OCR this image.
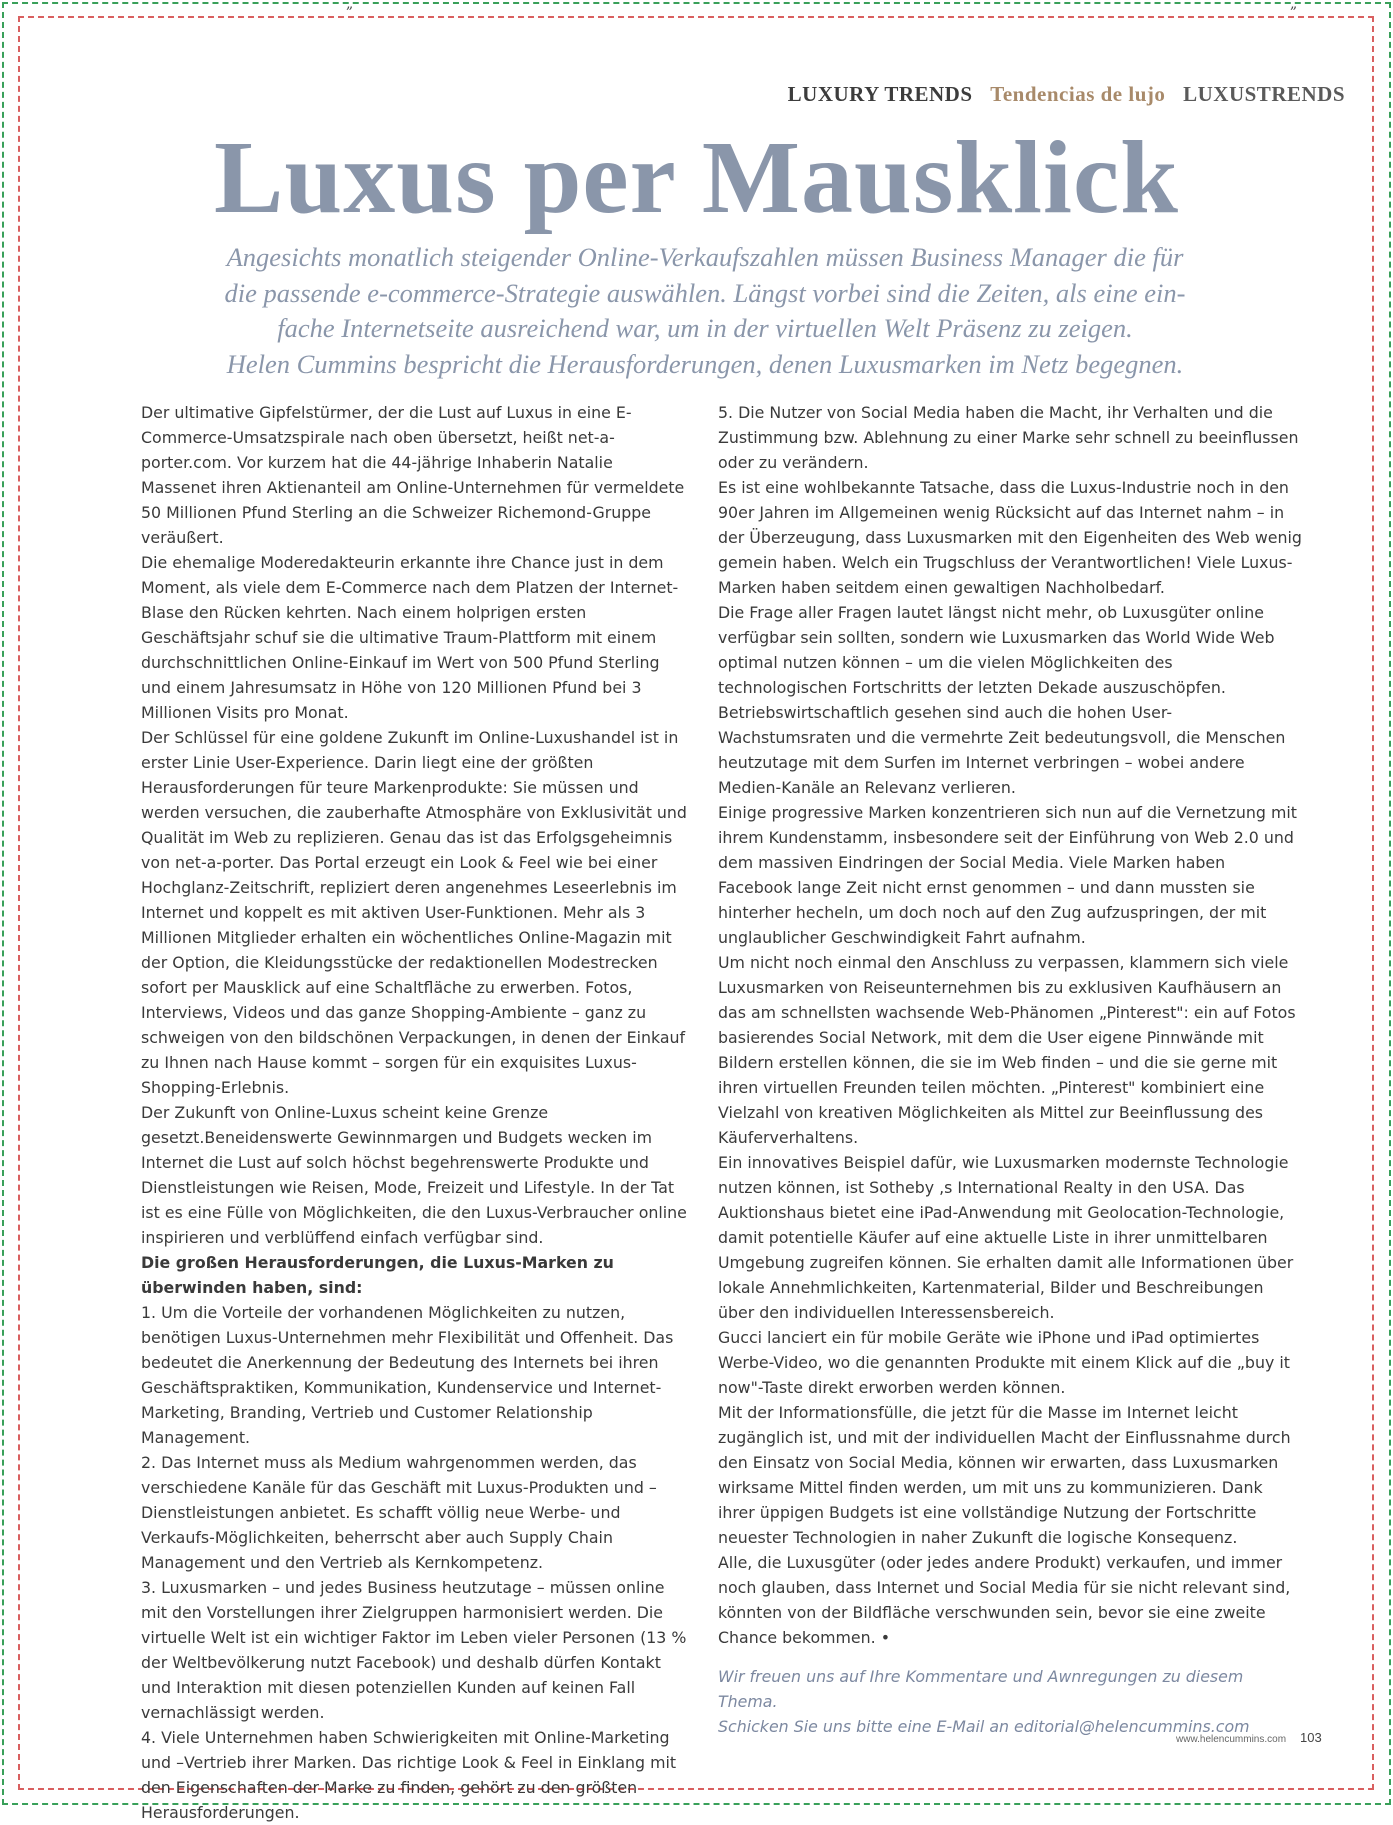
„	„
LUXURY TRENDS Tendencias de lujo LUXUSTRENDS
Luxus per Mausklick
Angesichts monatlich steigender Online-Verkaufszahlen müssen Business Manager die für
die passende e-commerce-Strategie auswählen. Längst vorbei sind die Zeiten, als eine ein-
fache Internetseite ausreichend war, um in der virtuellen Welt Präsenz zu zeigen.
Helen Cummins bespricht die Herausforderungen, denen Luxusmarken im Netz begegnen.

Der ultimative Gipfelstürmer, der die Lust auf Luxus in eine E-Commerce-Umsatzspirale nach oben übersetzt, heißt net-a-porter.com. Vor kurzem hat die 44-jährige Inhaberin Natalie Massenet ihren Aktienanteil am Online-Unternehmen für vermeldete 50 Millionen Pfund Sterling an die Schweizer Richemond-Gruppe veräußert.

Die ehemalige Moderedakteurin erkannte ihre Chance just in dem Moment, als viele dem E-Commerce nach dem Platzen der Internet-Blase den Rücken kehrten. Nach einem holprigen ersten Geschäftsjahr schuf sie die ultimative Traum-Plattform mit einem durchschnittlichen Online-Einkauf im Wert von 500 Pfund Sterling und einem Jahresumsatz in Höhe von 120 Millionen Pfund bei 3 Millionen Visits pro Monat.

Der Schlüssel für eine goldene Zukunft im Online-Luxushandel ist in erster Linie User-Experience. Darin liegt eine der größten Herausforderungen für teure Markenprodukte: Sie müssen und werden versuchen, die zauberhafte Atmosphäre von Exklusivität und Qualität im Web zu replizieren. Genau das ist das Erfolgsgeheimnis von net-a-porter. Das Portal erzeugt ein Look & Feel wie bei einer Hochglanz-Zeitschrift, repliziert deren angenehmes Leseerlebnis im Internet und koppelt es mit aktiven User-Funktionen. Mehr als 3 Millionen Mitglieder erhalten ein wöchentliches Online-Magazin mit der Option, die Kleidungsstücke der redaktionellen Modestrecken sofort per Mausklick auf eine Schaltfläche zu erwerben. Fotos, Interviews, Videos und das ganze Shopping-Ambiente – ganz zu schweigen von den bildschönen Verpackungen, in denen der Einkauf zu Ihnen nach Hause kommt – sorgen für ein exquisites Luxus-Shopping-Erlebnis.

Der Zukunft von Online-Luxus scheint keine Grenze gesetzt.Beneidenswerte Gewinnmargen und Budgets wecken im Internet die Lust auf solch höchst begehrenswerte Produkte und Dienstleistungen wie Reisen, Mode, Freizeit und Lifestyle. In der Tat ist es eine Fülle von Möglichkeiten, die den Luxus-Verbraucher online inspirieren und verblüffend einfach verfügbar sind.

Die großen Herausforderungen, die Luxus-Marken zu überwinden haben, sind:

1. Um die Vorteile der vorhandenen Möglichkeiten zu nutzen, benötigen Luxus-Unternehmen mehr Flexibilität und Offenheit. Das bedeutet die Anerkennung der Bedeutung des Internets bei ihren Geschäftspraktiken, Kommunikation, Kundenservice und Internet-Marketing, Branding, Vertrieb und Customer Relationship Management.

2. Das Internet muss als Medium wahrgenommen werden, das verschiedene Kanäle für das Geschäft mit Luxus-Produkten und –Dienstleistungen anbietet. Es schafft völlig neue Werbe- und Verkaufs-Möglichkeiten, beherrscht aber auch Supply Chain Management und den Vertrieb als Kernkompetenz.

3. Luxusmarken – und jedes Business heutzutage – müssen online mit den Vorstellungen ihrer Zielgruppen harmonisiert werden. Die virtuelle Welt ist ein wichtiger Faktor im Leben vieler Personen (13 % der Weltbevölkerung nutzt Facebook) und deshalb dürfen Kontakt und Interaktion mit diesen potenziellen Kunden auf keinen Fall vernachlässigt werden.

4. Viele Unternehmen haben Schwierigkeiten mit Online-Marketing und –Vertrieb ihrer Marken. Das richtige Look & Feel in Einklang mit den Eigenschaften der Marke zu finden, gehört zu den größten Herausforderungen.

5. Die Nutzer von Social Media haben die Macht, ihr Verhalten und die Zustimmung bzw. Ablehnung zu einer Marke sehr schnell zu beeinflussen oder zu verändern.

Es ist eine wohlbekannte Tatsache, dass die Luxus-Industrie noch in den 90er Jahren im Allgemeinen wenig Rücksicht auf das Internet nahm – in der Überzeugung, dass Luxusmarken mit den Eigenheiten des Web wenig gemein haben. Welch ein Trugschluss der Verantwortlichen! Viele Luxus-Marken haben seitdem einen gewaltigen Nachholbedarf.

Die Frage aller Fragen lautet längst nicht mehr, ob Luxusgüter online verfügbar sein sollten, sondern wie Luxusmarken das World Wide Web optimal nutzen können – um die vielen Möglichkeiten des technologischen Fortschritts der letzten Dekade auszuschöpfen. Betriebswirtschaftlich gesehen sind auch die hohen User-Wachstumsraten und die vermehrte Zeit bedeutungsvoll, die Menschen heutzutage mit dem Surfen im Internet verbringen – wobei andere Medien-Kanäle an Relevanz verlieren.

Einige progressive Marken konzentrieren sich nun auf die Vernetzung mit ihrem Kundenstamm, insbesondere seit der Einführung von Web 2.0 und dem massiven Eindringen der Social Media. Viele Marken haben Facebook lange Zeit nicht ernst genommen – und dann mussten sie hinterher hecheln, um doch noch auf den Zug aufzuspringen, der mit unglaublicher Geschwindigkeit Fahrt aufnahm.

Um nicht noch einmal den Anschluss zu verpassen, klammern sich viele Luxusmarken von Reiseunternehmen bis zu exklusiven Kaufhäusern an das am schnellsten wachsende Web-Phänomen „Pinterest": ein auf Fotos basierendes Social Network, mit dem die User eigene Pinnwände mit Bildern erstellen können, die sie im Web finden – und die sie gerne mit ihren virtuellen Freunden teilen möchten. „Pinterest" kombiniert eine Vielzahl von kreativen Möglichkeiten als Mittel zur Beeinflussung des Käuferverhaltens.

Ein innovatives Beispiel dafür, wie Luxusmarken modernste Technologie nutzen können, ist Sotheby ,s International Realty in den USA. Das Auktionshaus bietet eine iPad-Anwendung mit Geolocation-Technologie, damit potentielle Käufer auf eine aktuelle Liste in ihrer unmittelbaren Umgebung zugreifen können. Sie erhalten damit alle Informationen über lokale Annehmlichkeiten, Kartenmaterial, Bilder und Beschreibungen über den individuellen Interessensbereich.

Gucci lanciert ein für mobile Geräte wie iPhone und iPad optimiertes Werbe-Video, wo die genannten Produkte mit einem Klick auf die „buy it now"-Taste direkt erworben werden können.

Mit der Informationsfülle, die jetzt für die Masse im Internet leicht zugänglich ist, und mit der individuellen Macht der Einflussnahme durch den Einsatz von Social Media, können wir erwarten, dass Luxusmarken wirksame Mittel finden werden, um mit uns zu kommunizieren. Dank ihrer üppigen Budgets ist eine vollständige Nutzung der Fortschritte neuester Technologien in naher Zukunft die logische Konsequenz.

Alle, die Luxusgüter (oder jedes andere Produkt) verkaufen, und immer noch glauben, dass Internet und Social Media für sie nicht relevant sind, könnten von der Bildfläche verschwunden sein, bevor sie eine zweite Chance bekommen. •

Wir freuen uns auf Ihre Kommentare und Awnregungen zu diesem Thema.
Schicken Sie uns bitte eine E-Mail an editorial@helencummins.com

www.helencummins.com 103
